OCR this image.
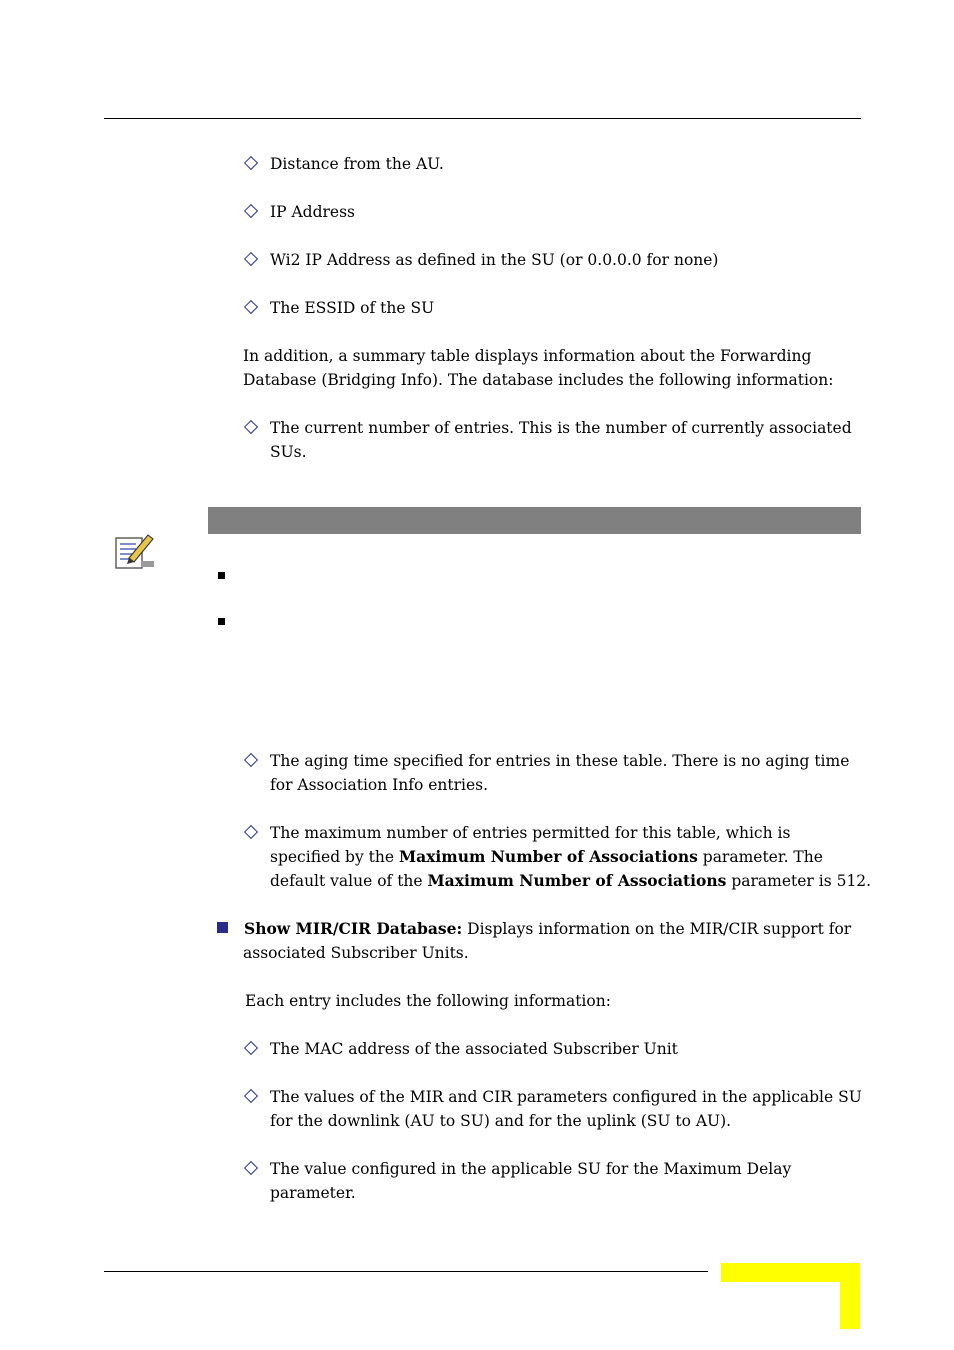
Distance from the AU.
IP Address
Wi2 IP Address as defined in the SU (or 0.0.0.0 for none)
The ESSID of the SU
In addition, a summary table displays information about the Forwarding
Database (Bridging Info). The database includes the following information:
The current number of entries. This is the number of currently associated
SUs.
The aging time specified for entries in these table. There is no aging time
for Association Info entries.
The maximum number of entries permitted for this table, which is
specified by the Maximum Number of Associations parameter. The
default value of the Maximum Number of Associations parameter is 512.
Show MIR/CIR Database: Displays information on the MIR/CIR support for
associated Subscriber Units.
Each entry includes the following information:
The MAC address of the associated Subscriber Unit
The values of the MIR and CIR parameters configured in the applicable SU
for the downlink (AU to SU) and for the uplink (SU to AU).
The value configured in the applicable SU for the Maximum Delay
parameter.
